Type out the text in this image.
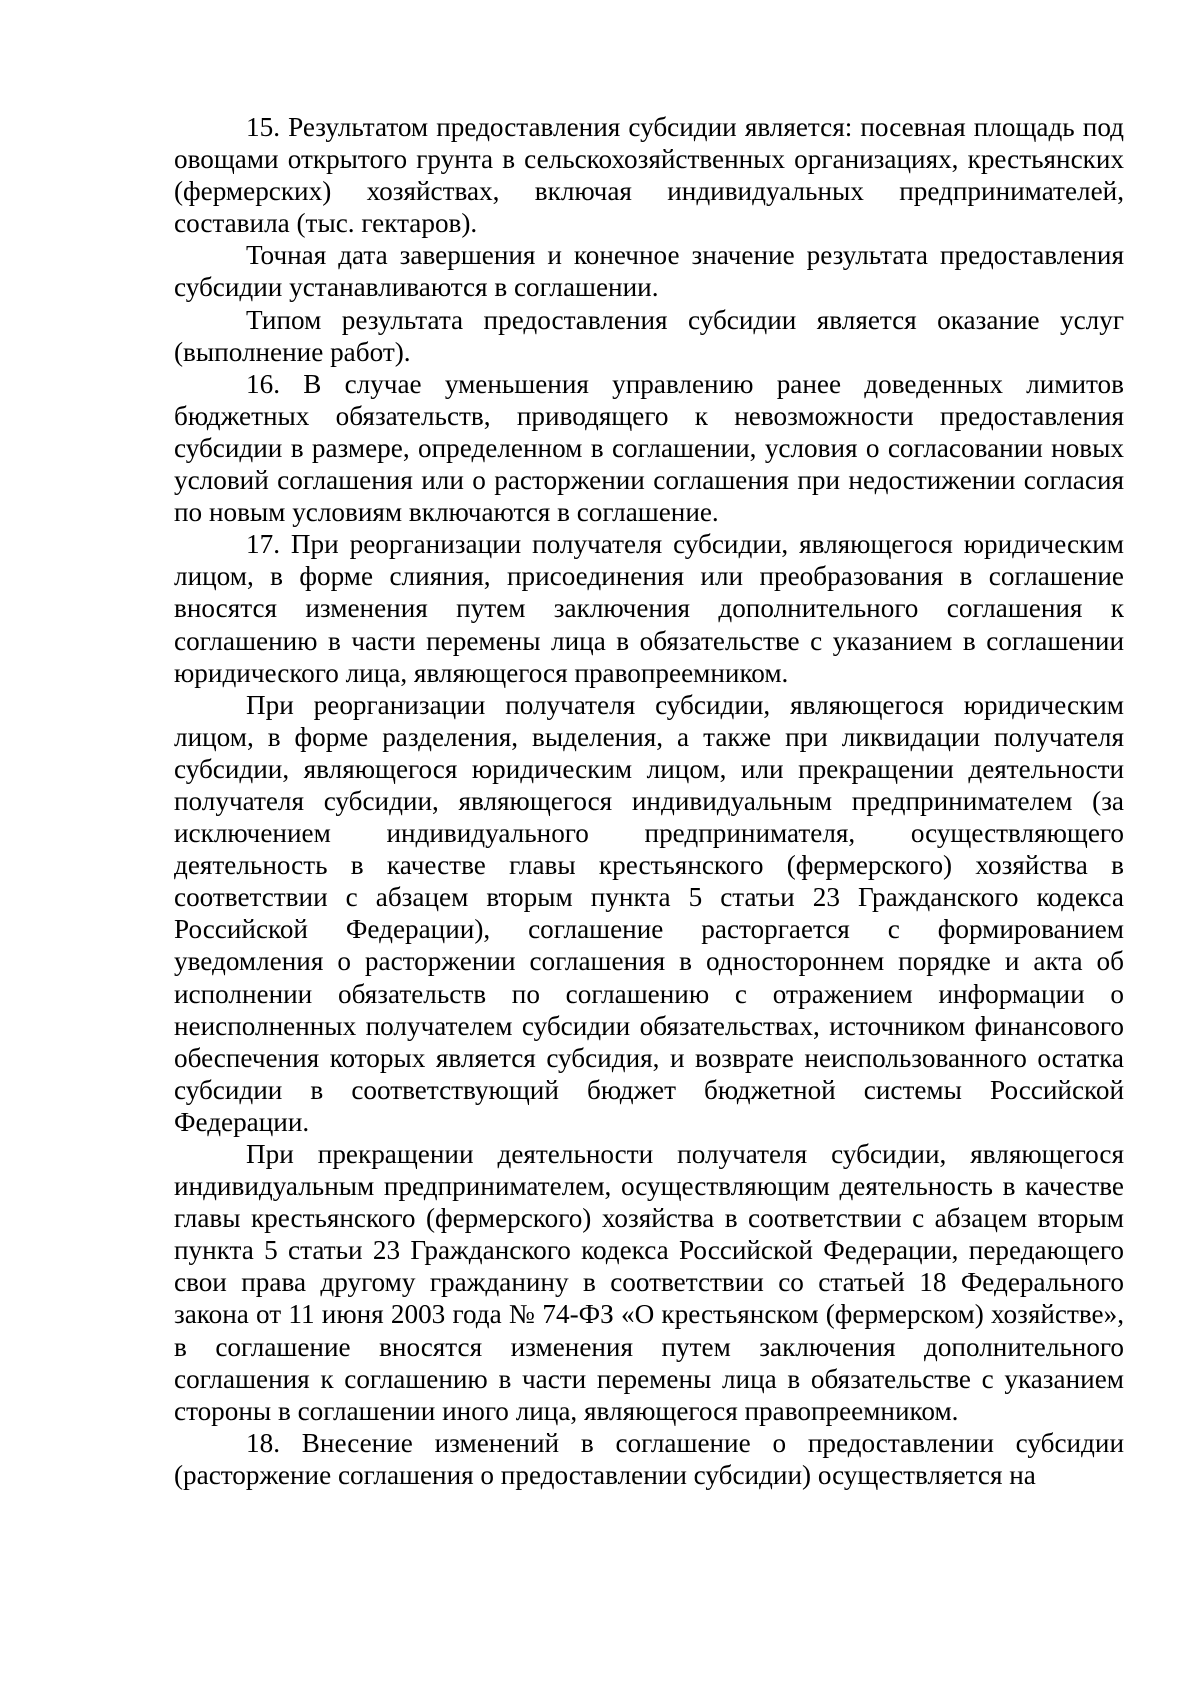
15. Результатом предоставления субсидии является: посевная площадь под овощами открытого грунта в сельскохозяйственных организациях, крестьянских (фермерских) хозяйствах, включая индивидуальных предпринимателей, составила (тыс. гектаров).

Точная дата завершения и конечное значение результата предоставления субсидии устанавливаются в соглашении.

Типом результата предоставления субсидии является оказание услуг (выполнение работ).

16. В случае уменьшения управлению ранее доведенных лимитов бюджетных обязательств, приводящего к невозможности предоставления субсидии в размере, определенном в соглашении, условия о согласовании новых условий соглашения или о расторжении соглашения при недостижении согласия по новым условиям включаются в соглашение.

17. При реорганизации получателя субсидии, являющегося юридическим лицом, в форме слияния, присоединения или преобразования в соглашение вносятся изменения путем заключения дополнительного соглашения к соглашению в части перемены лица в обязательстве с указанием в соглашении юридического лица, являющегося правопреемником.

При реорганизации получателя субсидии, являющегося юридическим лицом, в форме разделения, выделения, а также при ликвидации получателя субсидии, являющегося юридическим лицом, или прекращении деятельности получателя субсидии, являющегося индивидуальным предпринимателем (за исключением индивидуального предпринимателя, осуществляющего деятельность в качестве главы крестьянского (фермерского) хозяйства в соответствии с абзацем вторым пункта 5 статьи 23 Гражданского кодекса Российской Федерации), соглашение расторгается с формированием уведомления о расторжении соглашения в одностороннем порядке и акта об исполнении обязательств по соглашению с отражением информации о неисполненных получателем субсидии обязательствах, источником финансового обеспечения которых является субсидия, и возврате неиспользованного остатка субсидии в соответствующий бюджет бюджетной системы Российской Федерации.

При прекращении деятельности получателя субсидии, являющегося индивидуальным предпринимателем, осуществляющим деятельность в качестве главы крестьянского (фермерского) хозяйства в соответствии с абзацем вторым пункта 5 статьи 23 Гражданского кодекса Российской Федерации, передающего свои права другому гражданину в соответствии со статьей 18 Федерального закона от 11 июня 2003 года № 74-ФЗ «О крестьянском (фермерском) хозяйстве», в соглашение вносятся изменения путем заключения дополнительного соглашения к соглашению в части перемены лица в обязательстве с указанием стороны в соглашении иного лица, являющегося правопреемником.

18. Внесение изменений в соглашение о предоставлении субсидии (расторжение соглашения о предоставлении субсидии) осуществляется на
